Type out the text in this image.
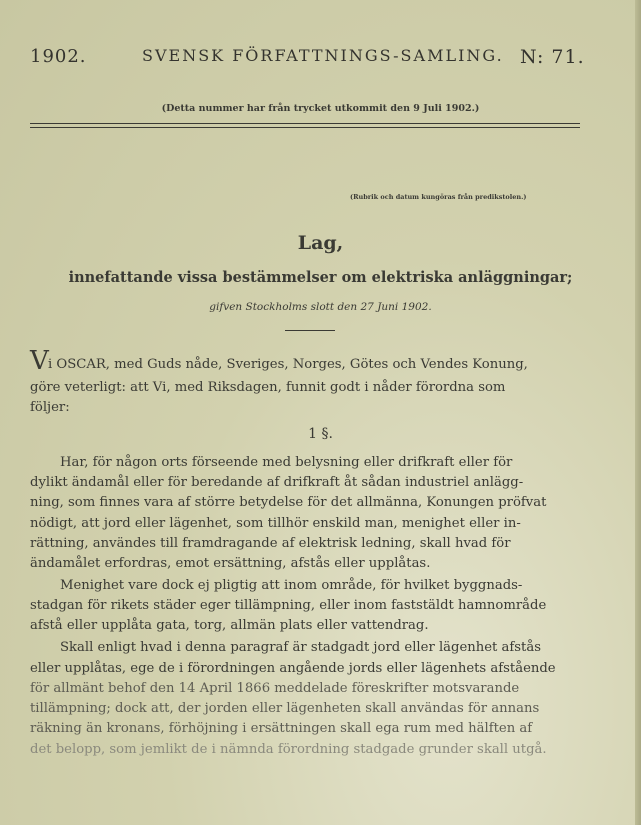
1902.	SVENSK FÖRFATTNINGS-SAMLING. N: 71.
(Detta nummer har från trycket utkommit den 9 Juli 1902.)
(Rubrik och datum kungöras från predikstolen.)
Lag,
innefattande vissa bestämmelser om elektriska anläggningar;
gifven Stockholms slott den 27 Juni 1902.
V i OSCAR, med Guds nåde, Sveriges, Norges, Götes och Vendes Konung,
göre veterligt: att Vi, med Riksdagen, funnit godt i nåder förordna som
följer:
1 §.
Har, för någon orts förseende med belysning eller drifkraft eller för
dylikt ändamål eller för beredande af drifkraft åt sådan industriel anlägg-
ning, som finnes vara af större betydelse för det allmänna, Konungen pröfvat
nödigt, att jord eller lägenhet, som tillhör enskild man, menighet eller in-
rättning, användes till framdragande af elektrisk ledning, skall hvad för
ändamålet erfordras, emot ersättning, afstås eller upplåtas.
Menighet vare dock ej pligtig att inom område, för hvilket byggnads-
stadgan för rikets städer eger tillämpning, eller inom faststäldt hamnområde
afstå eller upplåta gata, torg, allmän plats eller vattendrag.
Skall enligt hvad i denna paragraf är stadgadt jord eller lägenhet afstås
eller upplåtas, ege de i förordningen angående jords eller lägenhets afstående
för allmänt behof den 14 April 1866 meddelade föreskrifter motsvarande
tillämpning; dock att, der jorden eller lägenheten skall användas för annans
räkning än kronans, förhöjning i ersättningen skall ega rum med hälften af
det belopp, som jemlikt de i nämnda förordning stadgade grunder skall utgå.
